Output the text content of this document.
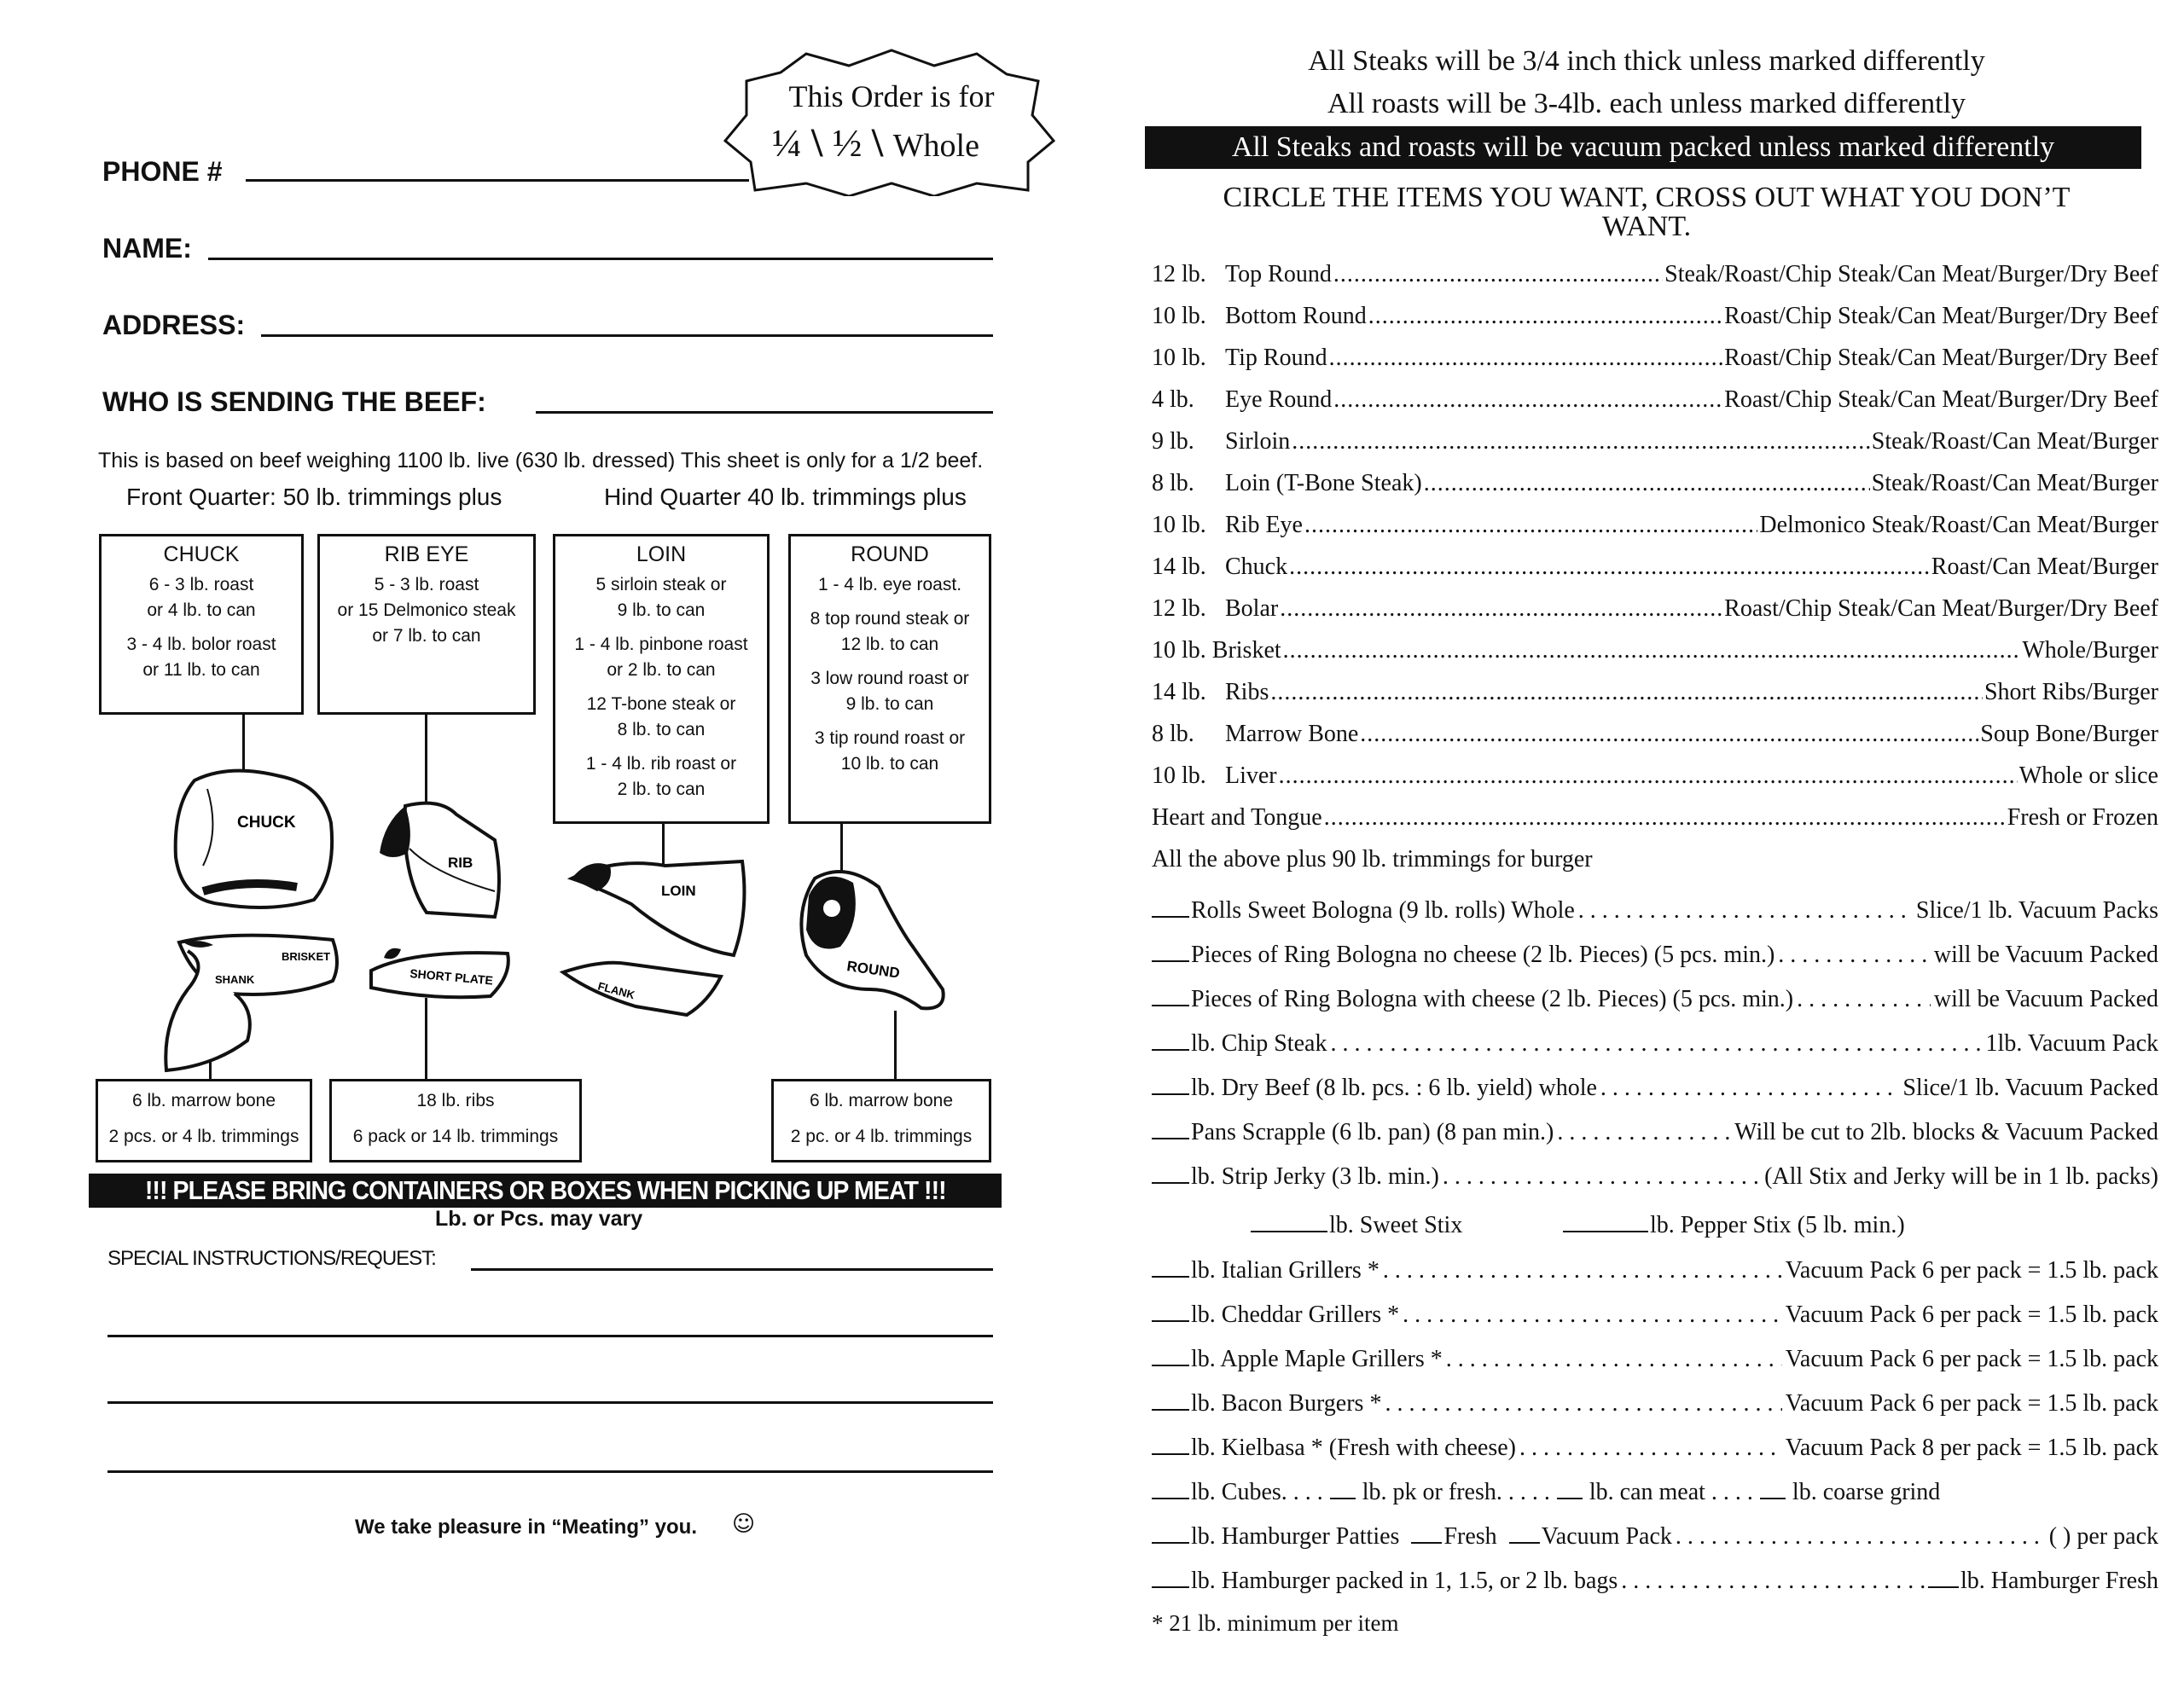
This Order is for
¼ \ ½ \ Whole
PHONE #
NAME:
ADDRESS:
WHO IS SENDING THE BEEF:
This is based on beef weighing 1100 lb. live (630 lb. dressed) This sheet is only for a 1/2 beef.
Front Quarter: 50 lb. trimmings plus	Hind Quarter 40 lb. trimmings plus
CHUCK
6 - 3 lb. roast
or 4 lb. to can
3 - 4 lb. bolor roast
or 11 lb. to can
RIB EYE
5 - 3 lb. roast
or 15 Delmonico steak
or 7 lb. to can
LOIN
5 sirloin steak or
9 lb. to can
1 - 4 lb. pinbone roast
or 2 lb. to can
12 T-bone steak or
8 lb. to can
1 - 4 lb. rib roast or
2 lb. to can
ROUND
1 - 4 lb. eye roast.
8 top round steak or
12 lb. to can
3 low round roast or
9 lb. to can
3 tip round roast or
10 lb. to can
CHUCK
RIB
LOIN
FLANK
ROUND
BRISKET
SHANK	SHORT PLATE
6 lb. marrow bone
2 pcs. or 4 lb. trimmings
18 lb. ribs
6 pack or 14 lb. trimmings
6 lb. marrow bone
2 pc. or 4 lb. trimmings
!!! PLEASE BRING CONTAINERS OR BOXES WHEN PICKING UP MEAT !!!
Lb. or Pcs. may vary
SPECIAL INSTRUCTIONS/REQUEST:
We take pleasure in “Meating” you. ☺
All Steaks will be 3/4 inch thick unless marked differently
All roasts will be 3-4lb. each unless marked differently
All Steaks and roasts will be vacuum packed unless marked differently
CIRCLE THE ITEMS YOU WANT, CROSS OUT WHAT YOU DON’T
WANT.
12 lb. Top Round .....	Steak/Roast/Chip Steak/Can Meat/Burger/Dry Beef
10 lb. Bottom Round .....	Roast/Chip Steak/Can Meat/Burger/Dry Beef
10 lb. Tip Round .....	Roast/Chip Steak/Can Meat/Burger/Dry Beef
4 lb.	Eye Round .....	Roast/Chip Steak/Can Meat/Burger/Dry Beef
9 lb.	Sirloin .....	Steak/Roast/Can Meat/Burger
8 lb.	Loin (T-Bone Steak) .....	Steak/Roast/Can Meat/Burger
10 lb. Rib Eye .....	Delmonico Steak/Roast/Can Meat/Burger
14 lb. Chuck .....	Roast/Can Meat/Burger
12 lb. Bolar .....	Roast/Chip Steak/Can Meat/Burger/Dry Beef
10 lb. Brisket .....	Whole/Burger
14 lb. Ribs .....	Short Ribs/Burger
8 lb.	Marrow Bone .....	Soup Bone/Burger
10 lb. Liver .....	Whole or slice
Heart and Tongue .....	Fresh or Frozen
All the above plus 90 lb. trimmings for burger
Rolls Sweet Bologna (9 lb. rolls) Whole . . .	Slice/1 lb. Vacuum Packs
Pieces of Ring Bologna no cheese (2 lb. Pieces) (5 pcs. min.) . . .	will be Vacuum Packed
Pieces of Ring Bologna with cheese (2 lb. Pieces) (5 pcs. min.) . . .	will be Vacuum Packed
lb. Chip Steak . . .	1lb. Vacuum Pack
lb. Dry Beef (8 lb. pcs. : 6 lb. yield) whole . . .	Slice/1 lb. Vacuum Packed
Pans Scrapple (6 lb. pan) (8 pan min.) . . .	Will be cut to 2lb. blocks & Vacuum Packed
lb. Strip Jerky (3 lb. min.) . . .	(All Stix and Jerky will be in 1 lb. packs)
lb. Sweet Stix	lb. Pepper Stix (5 lb. min.)
lb. Italian Grillers * . . .	Vacuum Pack 6 per pack = 1.5 lb. pack
lb. Cheddar Grillers * . . .	Vacuum Pack 6 per pack = 1.5 lb. pack
lb. Apple Maple Grillers * . . .	Vacuum Pack 6 per pack = 1.5 lb. pack
lb. Bacon Burgers * . . .	Vacuum Pack 6 per pack = 1.5 lb. pack
lb. Kielbasa * (Fresh with cheese) . . .	Vacuum Pack 8 per pack = 1.5 lb. pack
lb. Cubes. . . . lb. pk or fresh. . . . . lb. can meat . . . . lb. coarse grind
lb. Hamburger Patties Fresh Vacuum Pack . . .	( ) per pack
lb. Hamburger packed in 1, 1.5, or 2 lb. bags . . .	lb. Hamburger Fresh
* 21 lb. minimum per item
